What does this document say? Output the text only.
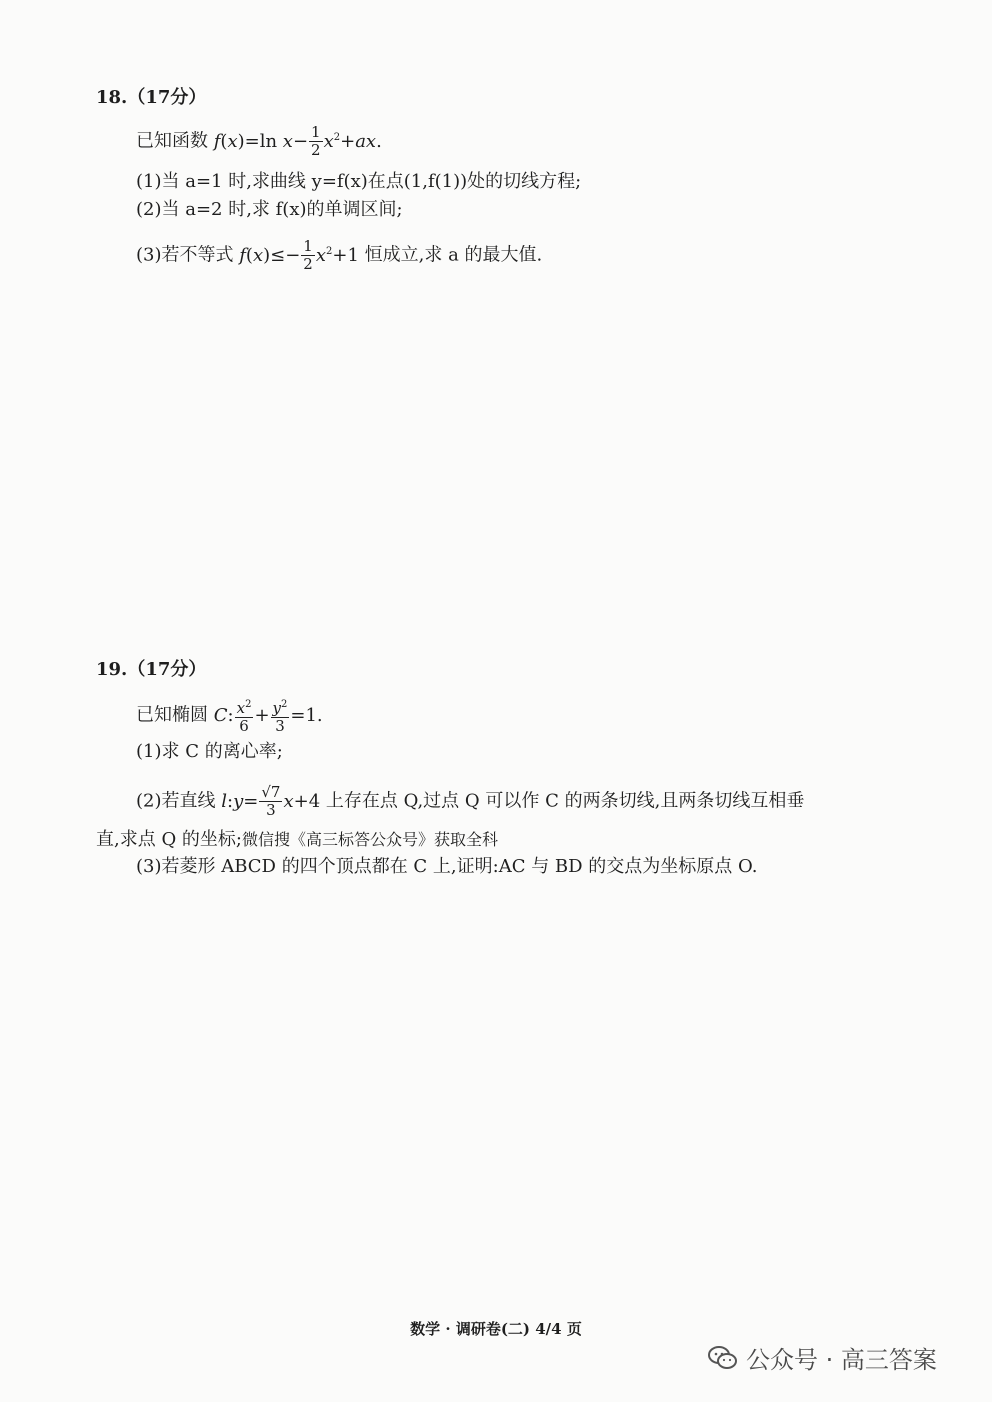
18.（17分）
已知函数 f(x)=ln $x- \frac{1}{2} x^2+ax$.
(1)当 a=1 时,求曲线 y=f(x)在点(1,f(1))处的切线方程;
(2)当 a=2 时,求 f(x)的单调区间;
(3)若不等式 $f(x)\le- \frac{1}{2} x^2+1$ 恒成立,求 a 的最大值.
19.（17分）
已知椭圆 C: $\frac{x^2}{6} + \frac{y^2}{3} =1$.
(1)求 C 的离心率;
(2)若直线 l:y= $\frac{√7}{3} x+4$ 上存在点 Q,过点 Q 可以作 C 的两条切线,且两条切线互相垂
直,求点 Q 的坐标;微信搜《高三标答公众号》获取全科
(3)若菱形 ABCD 的四个顶点都在 C 上,证明:AC 与 BD 的交点为坐标原点 O.
数学 · 调研卷(二) 4/4 页
公众号 · 高三答案
